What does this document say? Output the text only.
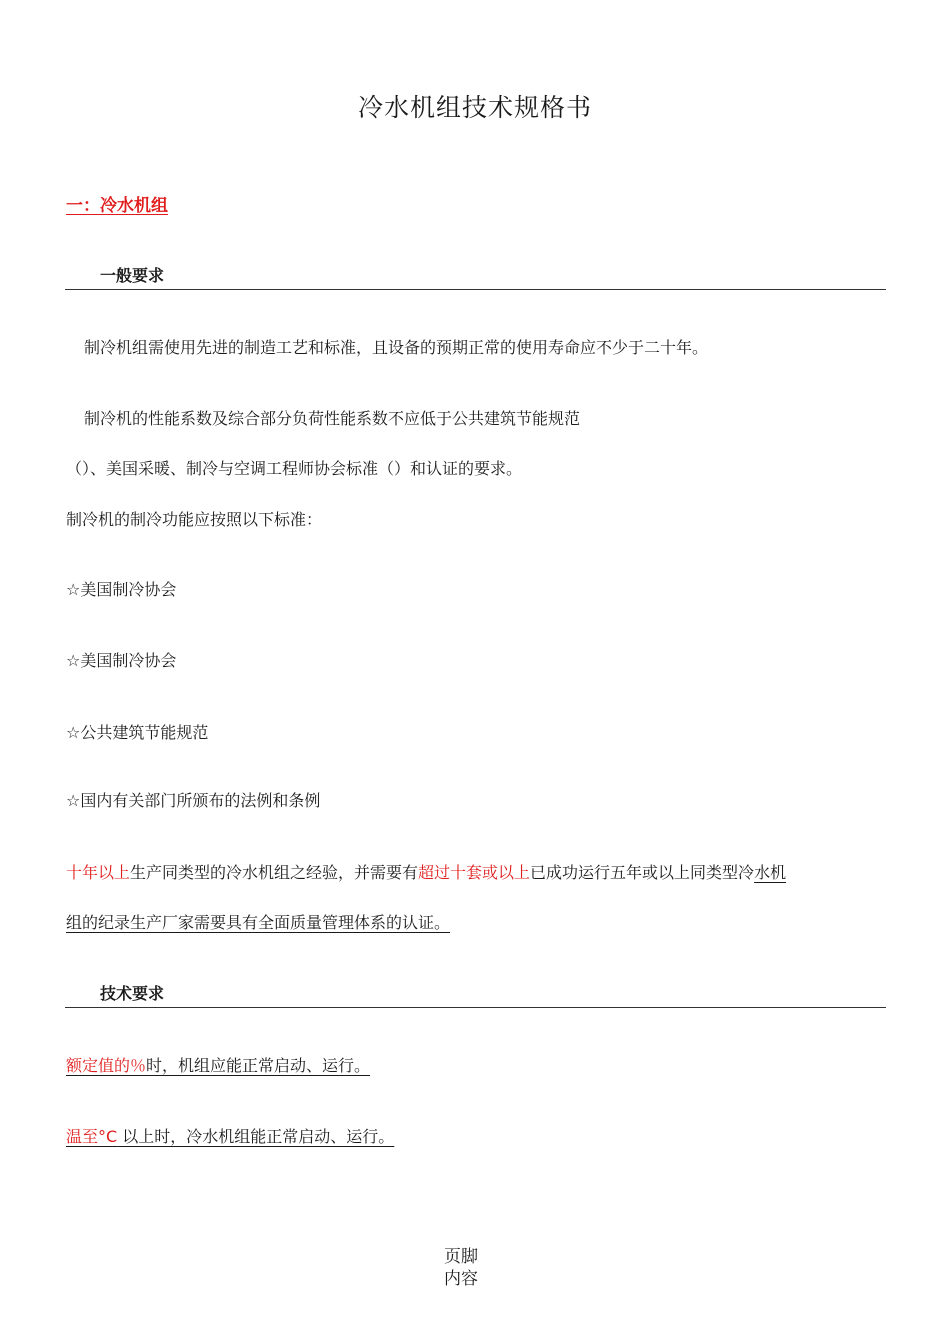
冷水机组技术规格书
一：冷水机组
一般要求
制冷机组需使用先进的制造工艺和标准，且设备的预期正常的使用寿命应不少于二十年。
制冷机的性能系数及综合部分负荷性能系数不应低于公共建筑节能规范
（）、美国采暖、制冷与空调工程师协会标准（）和认证的要求。
制冷机的制冷功能应按照以下标准：
☆美国制冷协会
☆美国制冷协会
☆公共建筑节能规范
☆国内有关部门所颁布的法例和条例
十年以上生产同类型的冷水机组之经验，并需要有超过十套或以上已成功运行五年或以上同类型冷水机
组的纪录生产厂家需要具有全面质量管理体系的认证。
技术要求
额定值的％时，机组应能正常启动、运行。
温至°C 以上时，冷水机组能正常启动、运行。
页脚
内容
